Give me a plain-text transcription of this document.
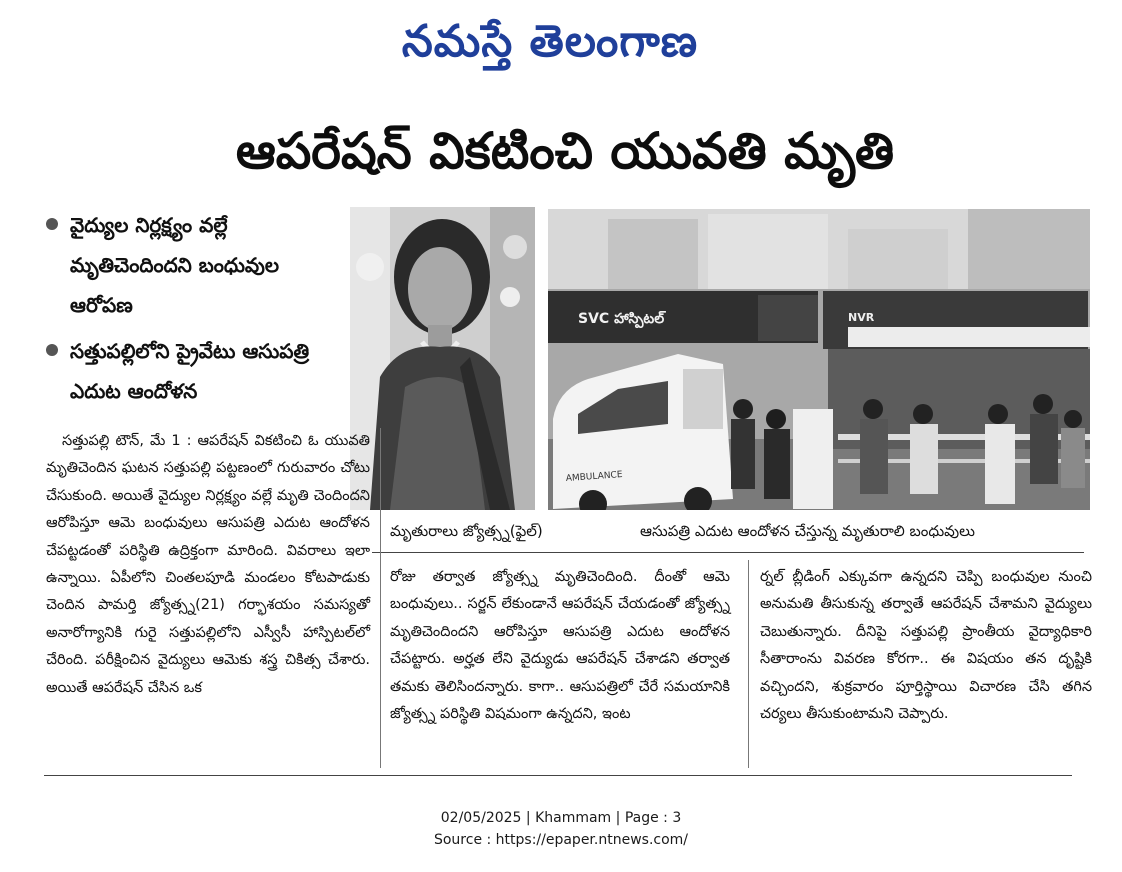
నమస్తే తెలంగాణ
ఆపరేషన్ వికటించి యువతి మృతి
వైద్యుల నిర్లక్ష్యం వల్లే మృతిచెందిందని బంధువుల ఆరోపణ
సత్తుపల్లిలోని ప్రైవేటు ఆసుపత్రి ఎదుట ఆందోళన
SVC హాస్పిటల్	NVR
AMBULANCE
మృతురాలు జ్యోత్స్న(ఫైల్)	ఆసుపత్రి ఎదుట ఆందోళన చేస్తున్న మృతురాలి బంధువులు
సత్తుపల్లి టౌన్, మే 1 : ఆపరేషన్ వికటించి ఓ యువతి మృతిచెందిన ఘటన సత్తుపల్లి పట్టణంలో గురువారం చోటు చేసుకుంది. అయితే వైద్యుల నిర్లక్ష్యం వల్లే మృతి చెందిందని ఆరోపిస్తూ ఆమె బంధువులు ఆసుపత్రి ఎదుట ఆందోళన చేపట్టడంతో పరిస్థితి ఉద్రిక్తంగా మారింది. వివరాలు ఇలా ఉన్నాయి. ఏపీలోని చింతలపూడి మండలం కోటపాడుకు చెందిన పామర్తి జ్యోత్స్న(21) గర్భాశయం సమస్యతో అనారోగ్యానికి గురై సత్తుపల్లిలోని ఎస్వీసీ హాస్పిటల్‌లో చేరింది. పరీక్షించిన వైద్యులు ఆమెకు శస్త్ర చికిత్స చేశారు. అయితే ఆపరేషన్ చేసిన ఒక
రోజు తర్వాత జ్యోత్స్న మృతిచెందింది. దీంతో ఆమె బంధువులు.. సర్జన్ లేకుండానే ఆపరేషన్ చేయడంతో జ్యోత్స్న మృతిచెందిందని ఆరోపిస్తూ ఆసుపత్రి ఎదుట ఆందోళన చేపట్టారు. అర్హత లేని వైద్యుడు ఆపరేషన్ చేశాడని తర్వాత తమకు తెలిసిందన్నారు. కాగా.. ఆసుపత్రిలో చేరే సమయానికి జ్యోత్స్న పరిస్థితి విషమంగా ఉన్నదని, ఇంట
ర్నల్ బ్లీడింగ్ ఎక్కువగా ఉన్నదని చెప్పి బంధువుల నుంచి అనుమతి తీసుకున్న తర్వాతే ఆపరేషన్ చేశామని వైద్యులు చెబుతున్నారు. దీనిపై సత్తుపల్లి ప్రాంతీయ వైద్యాధికారి సీతారాంను వివరణ కోరగా.. ఈ విషయం తన దృష్టికి వచ్చిందని, శుక్రవారం పూర్తిస్థాయి విచారణ చేసి తగిన చర్యలు తీసుకుంటామని చెప్పారు.
02/05/2025 | Khammam | Page : 3
Source : https://epaper.ntnews.com/
